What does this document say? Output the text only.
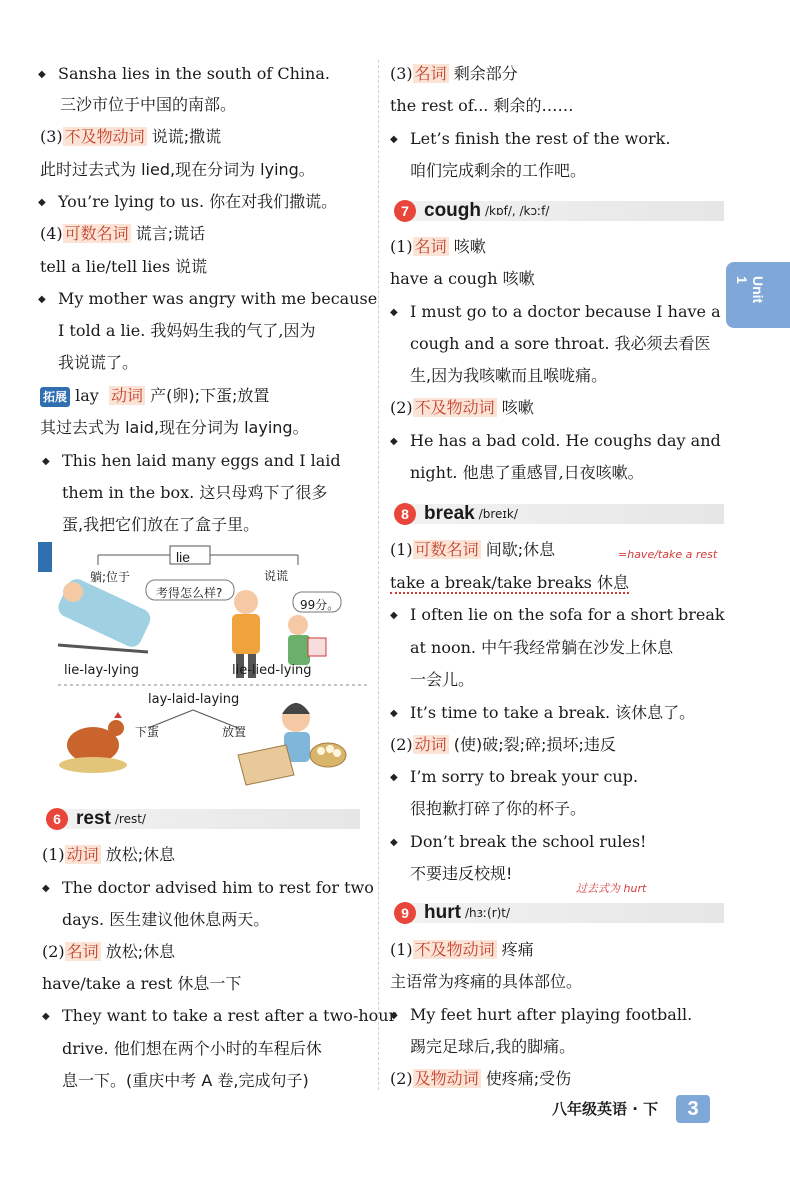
◆ Sansha lies in the south of China.
三沙市位于中国的南部。
(3) 不及物动词 说谎;撒谎
此时过去式为 lied,现在分词为 lying。
◆ You’re lying to us. 你在对我们撒谎。
(4) 可数名词 谎言;谎话
tell a lie/tell lies 说谎
◆ My mother was angry with me because
I told a lie. 我妈妈生我的气了,因为
我说谎了。
拓展 lay 动词 产(卵);下蛋;放置
其过去式为 laid,现在分词为 laying。
◆ This hen laid many eggs and I laid
them in the box. 这只母鸡下了很多
蛋,我把它们放在了盒子里。
lie
躺;位于	说谎
考得怎么样?
99分。
lie-lay-lying	lie-lied-lying
lay-laid-laying
下蛋	放置
6 rest /rest/
(1) 动词 放松;休息
◆ The doctor advised him to rest for two
days. 医生建议他休息两天。
(2) 名词 放松;休息
have/take a rest 休息一下
◆ They want to take a rest after a two-hour
drive. 他们想在两个小时的车程后休
息一下。(重庆中考 A 卷,完成句子)
(3) 名词 剩余部分
the rest of... 剩余的……
◆ Let’s finish the rest of the work.
咱们完成剩余的工作吧。
7 cough /kɒf/, /kɔːf/
(1) 名词 咳嗽
have a cough 咳嗽
◆ I must go to a doctor because I have a
cough and a sore throat. 我必须去看医
生,因为我咳嗽而且喉咙痛。
(2) 不及物动词 咳嗽
◆ He has a bad cold. He coughs day and
night. 他患了重感冒,日夜咳嗽。
8 break /breɪk/
(1) 可数名词 间歇;休息	=have/take a rest
take a break/take breaks 休息
◆ I often lie on the sofa for a short break
at noon. 中午我经常躺在沙发上休息
一会儿。
◆ It’s time to take a break. 该休息了。
(2) 动词 (使)破;裂;碎;损坏;违反
◆ I’m sorry to break your cup.
很抱歉打碎了你的杯子。
◆ Don’t break the school rules!
不要违反校规!
过去式为 hurt
9 hurt /hɜː(r)t/
(1) 不及物动词 疼痛
主语常为疼痛的具体部位。
◆ My feet hurt after playing football.
踢完足球后,我的脚痛。
(2) 及物动词 使疼痛;受伤
Unit 1
八年级英语 · 下	3
